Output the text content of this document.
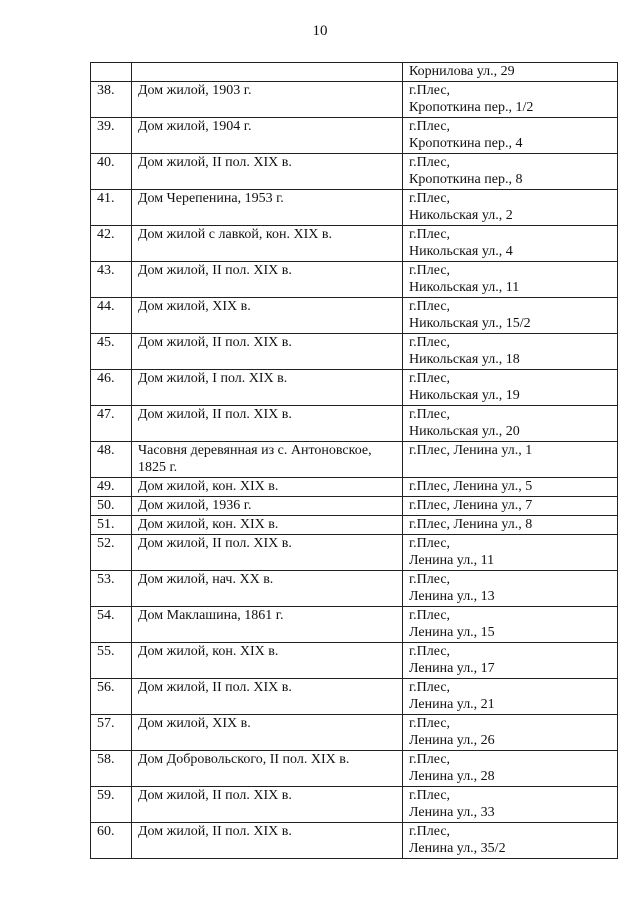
10

		Корнилова ул., 29

38.	Дом жилой, 1903 г.	г.Плес,
Кропоткина пер., 1/2

39.	Дом жилой, 1904 г.	г.Плес,
Кропоткина пер., 4

40.	Дом жилой, II пол. XIX в.	г.Плес,
Кропоткина пер., 8

41.	Дом Черепенина, 1953 г.	г.Плес,
Никольская ул., 2

42.	Дом жилой с лавкой, кон. XIX в.	г.Плес,
Никольская ул., 4

43.	Дом жилой, II пол. XIX в.	г.Плес,
Никольская ул., 11

44.	Дом жилой, XIX в.	г.Плес,
Никольская ул., 15/2

45.	Дом жилой, II пол. XIX в.	г.Плес,
Никольская ул., 18

46.	Дом жилой, I пол. XIX в.	г.Плес,
Никольская ул., 19

47.	Дом жилой, II пол. XIX в.	г.Плес,
Никольская ул., 20

48.	Часовня деревянная из с. Антоновское, 1825 г.	г.Плес, Ленина ул., 1

49.	Дом жилой, кон. XIX в.	г.Плес, Ленина ул., 5

50.	Дом жилой, 1936 г.	г.Плес, Ленина ул., 7

51.	Дом жилой, кон. XIX в.	г.Плес, Ленина ул., 8

52.	Дом жилой, II пол. XIX в.	г.Плес,
Ленина ул., 11

53.	Дом жилой, нач. XX в.	г.Плес,
Ленина ул., 13

54.	Дом Маклашина, 1861 г.	г.Плес,
Ленина ул., 15

55.	Дом жилой, кон. XIX в.	г.Плес,
Ленина ул., 17

56.	Дом жилой, II пол. XIX в.	г.Плес,
Ленина ул., 21

57.	Дом жилой, XIX в.	г.Плес,
Ленина ул., 26

58.	Дом Добровольского, II пол. XIX в.	г.Плес,
Ленина ул., 28

59.	Дом жилой, II пол. XIX в.	г.Плес,
Ленина ул., 33

60.	Дом жилой, II пол. XIX в.	г.Плес,
Ленина ул., 35/2
